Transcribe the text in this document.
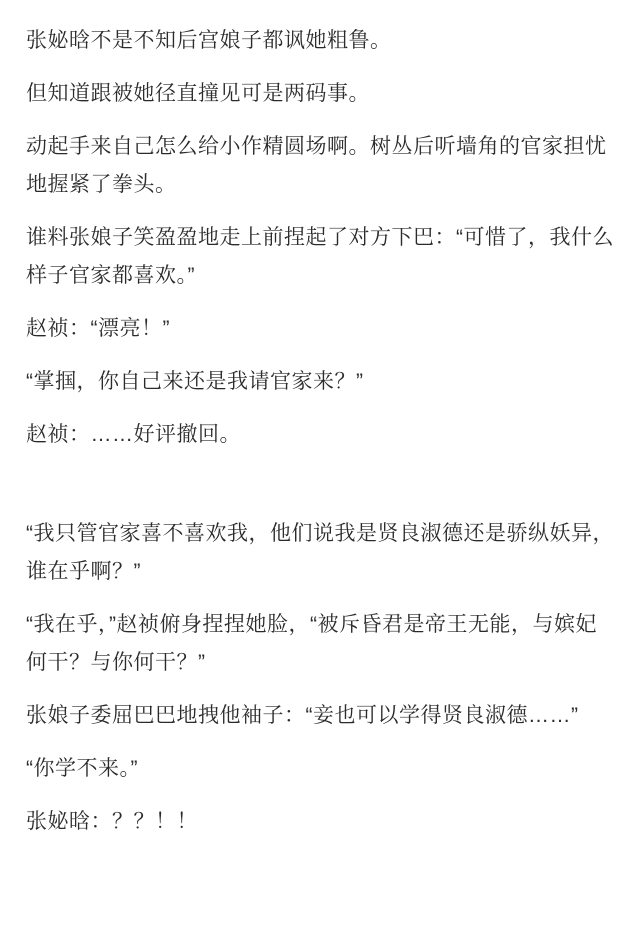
张妼晗不是不知后宫娘子都讽她粗鲁。

但知道跟被她径直撞见可是两码事。

动起手来自己怎么给小作精圆场啊。树丛后听墙角的官家担忧地握紧了拳头。

谁料张娘子笑盈盈地走上前捏起了对方下巴：“可惜了，我什么样子官家都喜欢。”

赵祯：“漂亮！”

“掌掴，你自己来还是我请官家来？”

赵祯：……好评撤回。

“我只管官家喜不喜欢我，他们说我是贤良淑德还是骄纵妖异，谁在乎啊？”

“我在乎，”赵祯俯身捏捏她脸，“被斥昏君是帝王无能，与嫔妃何干？与你何干？”

张娘子委屈巴巴地拽他袖子：“妾也可以学得贤良淑德……”

“你学不来。”

张妼晗：？？！！
